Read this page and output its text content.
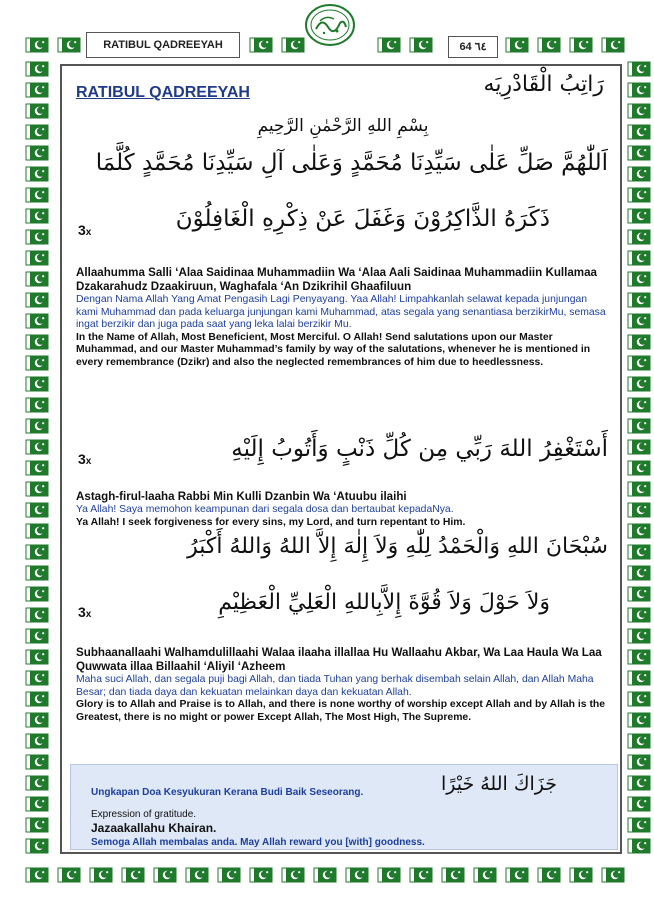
RATIBUL QADREEYAH	64 ٦٤
RATIBUL QADREEYAH	رَاتِبُ الْقَادْرِيَه
بِسْمِ اللهِ الرَّحْمٰنِ الرَّحِيمِ
اَللّٰهُمَّ صَلِّ عَلٰى سَيِّدِنَا مُحَمَّدٍ وَعَلٰى آلِ سَيِّدِنَا مُحَمَّدٍ كُلَّمَا
3x
ذَكَرَهُ الذَّاكِرُوْنَ وَغَفَلَ عَنْ ذِكْرِهِ الْغَافِلُوْنَ

Allaahumma Salli ‘Alaa Saidinaa Muhammadiin Wa ‘Alaa Aali Saidinaa Muhammadiin Kullamaa Dzakarahudz Dzaakiruun, Waghafala ‘An Dzikrihil Ghaafiluun

Dengan Nama Allah Yang Amat Pengasih Lagi Penyayang. Yaa Allah! Limpahkanlah selawat kepada junjungan kami Muhammad dan pada keluarga junjungan kami Muhammad, atas segala yang senantiasa berzikirMu, semasa ingat berzikir dan juga pada saat yang leka lalai berzikir Mu.

In the Name of Allah, Most Beneficient, Most Merciful. O Allah! Send salutations upon our Master Muhammad, and our Master Muhammad’s family by way of the salutations, whenever he is mentioned in every remembrance (Dzikr) and also the neglected remembrances of him due to heedlessness.

3x	أَسْتَغْفِرُ اللهَ رَبِّي مِن كُلِّ ذَنْبٍ وَأَتُوبُ إِلَيْهِ

Astagh-firul-laaha Rabbi Min Kulli Dzanbin Wa ‘Atuubu ilaihi

Ya Allah! Saya memohon keampunan dari segala dosa dan bertaubat kepadaNya.

Ya Allah! I seek forgiveness for every sins, my Lord, and turn repentant to Him.

سُبْحَانَ اللهِ وَالْحَمْدُ لِلّٰهِ وَلاَ إِلٰهَ إِلاَّ اللهُ وَاللهُ أَكْبَرُ
3x	وَلاَ حَوْلَ وَلاَ قُوَّةَ إِلاَّبِاللهِ الْعَلِيِّ الْعَظِيْمِ

Subhaanallaahi Walhamdulillaahi Walaa ilaaha illallaa Hu Wallaahu Akbar, Wa Laa Haula Wa Laa Quwwata illaa Billaahil ‘Aliyil ‘Azheem

Maha suci Allah, dan segala puji bagi Allah, dan tiada Tuhan yang berhak disembah selain Allah, dan Allah Maha Besar; dan tiada daya dan kekuatan melainkan daya dan kekuatan Allah.

Glory is to Allah and Praise is to Allah, and there is none worthy of worship except Allah and by Allah is the Greatest, there is no might or power Except Allah, The Most High, The Supreme.

Ungkapan Doa Kesyukuran Kerana Budi Baik Seseorang.	جَزَاكَ اللهُ خَيْرًا
Expression of gratitude.
Jazaakallahu Khairan.
Semoga Allah membalas anda. May Allah reward you [with] goodness.
